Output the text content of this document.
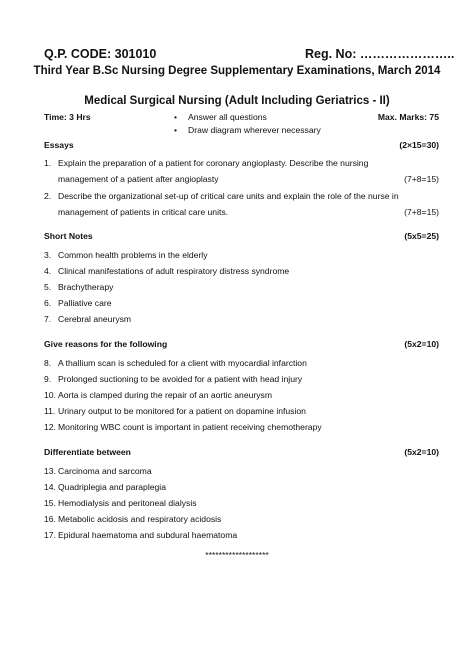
Q.P. CODE: 301010	Reg. No: …………………..
Third Year B.Sc Nursing Degree Supplementary Examinations, March 2014
Medical Surgical Nursing (Adult Including Geriatrics - II)
Time: 3 Hrs	Max. Marks: 75
• Answer all questions
• Draw diagram wherever necessary
Essays	(2×15=30)
1. Explain the preparation of a patient for coronary angioplasty. Describe the nursing
management of a patient after angioplasty	(7+8=15)
2. Describe the organizational set-up of critical care units and explain the role of the nurse in
management of patients in critical care units.	(7+8=15)
Short Notes	(5x5=25)
3. Common health problems in the elderly
4. Clinical manifestations of adult respiratory distress syndrome
5. Brachytherapy
6. Palliative care
7. Cerebral aneurysm
Give reasons for the following	(5x2=10)
8. A thallium scan is scheduled for a client with myocardial infarction
9. Prolonged suctioning to be avoided for a patient with head injury
10. Aorta is clamped during the repair of an aortic aneurysm
11. Urinary output to be monitored for a patient on dopamine infusion
12. Monitoring WBC count is important in patient receiving chemotherapy
Differentiate between	(5x2=10)
13. Carcinoma and sarcoma
14. Quadriplegia and paraplegia
15. Hemodialysis and peritoneal dialysis
16. Metabolic acidosis and respiratory acidosis
17. Epidural haematoma and subdural haematoma
*******************
